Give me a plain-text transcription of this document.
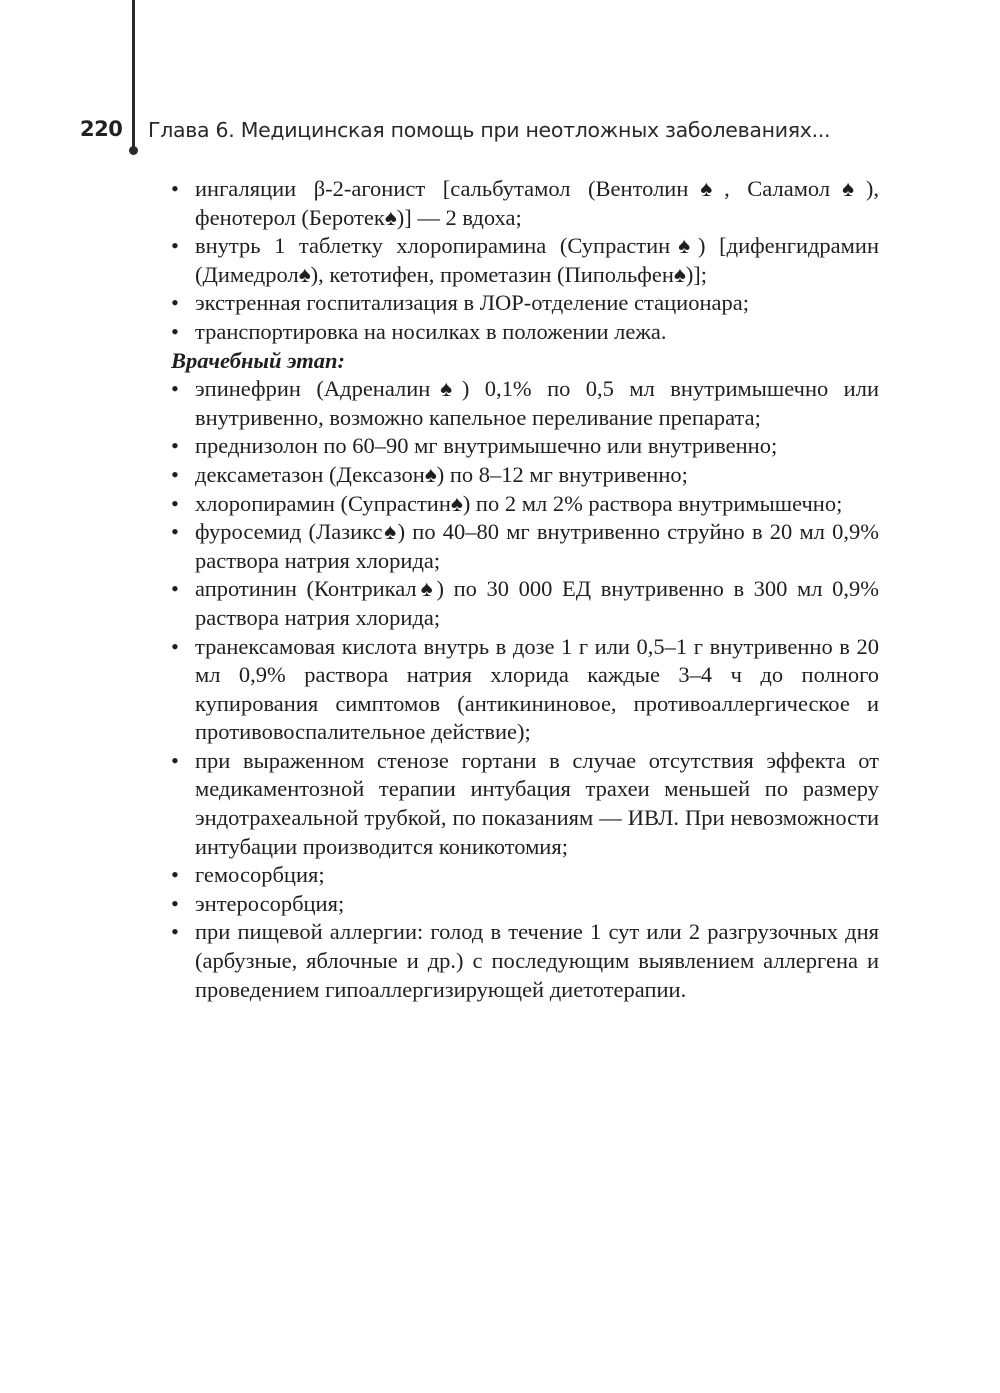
220 Глава 6. Медицинская помощь при неотложных заболеваниях...
• ингаляции β-2-агонист [сальбутамол (Вентолин♠, Саламол♠), фенотерол (Беротек♠)] — 2 вдоха;
• внутрь 1 таблетку хлоропирамина (Супрастин♠) [дифенгидрамин (Димедрол♠), кетотифен, прометазин (Пипольфен♠)];
• экстренная госпитализация в ЛОР-отделение стационара;
• транспортировка на носилках в положении лежа.

Врачебный этап:

• эпинефрин (Адреналин♠) 0,1% по 0,5 мл внутримышечно или внутривенно, возможно капельное переливание препарата;
• преднизолон по 60–90 мг внутримышечно или внутривенно;
• дексаметазон (Дексазон♠) по 8–12 мг внутривенно;
• хлоропирамин (Супрастин♠) по 2 мл 2% раствора внутримышечно;
• фуросемид (Лазикс♠) по 40–80 мг внутривенно струйно в 20 мл 0,9% раствора натрия хлорида;
• апротинин (Контрикал♠) по 30 000 ЕД внутривенно в 300 мл 0,9% раствора натрия хлорида;
• транексамовая кислота внутрь в дозе 1 г или 0,5–1 г внутривенно в 20 мл 0,9% раствора натрия хлорида каждые 3–4 ч до полного купирования симптомов (антикининовое, противоаллергическое и противовоспалительное действие);
• при выраженном стенозе гортани в случае отсутствия эффекта от медикаментозной терапии интубация трахеи меньшей по размеру эндотрахеальной трубкой, по показаниям — ИВЛ. При невозможности интубации производится коникотомия;
• гемосорбция;
• энтеросорбция;
• при пищевой аллергии: голод в течение 1 сут или 2 разгрузочных дня (арбузные, яблочные и др.) с последующим выявлением аллергена и проведением гипоаллергизирующей диетотерапии.
